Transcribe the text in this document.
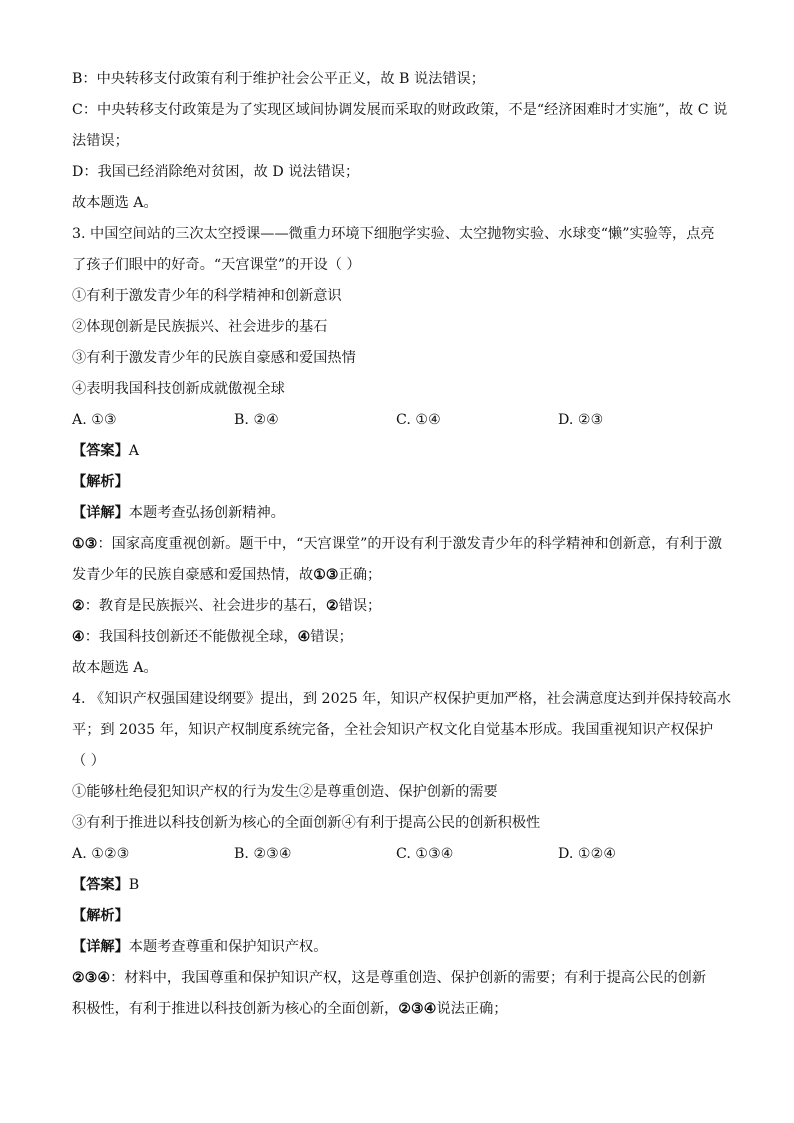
B：中央转移支付政策有利于维护社会公平正义，故 B 说法错误；

C：中央转移支付政策是为了实现区域间协调发展而采取的财政政策，不是“经济困难时才实施”，故 C 说

法错误；

D：我国已经消除绝对贫困，故 D 说法错误；

故本题选 A。

3. 中国空间站的三次太空授课——微重力环境下细胞学实验、太空抛物实验、水球变“懒”实验等，点亮

了孩子们眼中的好奇。“天宫课堂”的开设（ ）

①有利于激发青少年的科学精神和创新意识

②体现创新是民族振兴、社会进步的基石

③有利于激发青少年的民族自豪感和爱国热情

④表明我国科技创新成就傲视全球

A. ①③	B. ②④	C. ①④	D. ②③

【答案】A

【解析】

【详解】本题考查弘扬创新精神。

①③：国家高度重视创新。题干中，“天宫课堂”的开设有利于激发青少年的科学精神和创新意，有利于激

发青少年的民族自豪感和爱国热情，故①③正确；

②：教育是民族振兴、社会进步的基石，②错误；

④：我国科技创新还不能傲视全球，④错误；

故本题选 A。

4. 《知识产权强国建设纲要》提出，到 2025 年，知识产权保护更加严格，社会满意度达到并保持较高水

平；到 2035 年，知识产权制度系统完备，全社会知识产权文化自觉基本形成。我国重视知识产权保护

（ ）

①能够杜绝侵犯知识产权的行为发生②是尊重创造、保护创新的需要

③有利于推进以科技创新为核心的全面创新④有利于提高公民的创新积极性

A. ①②③	B. ②③④	C. ①③④	D. ①②④

【答案】B

【解析】

【详解】本题考查尊重和保护知识产权。

②③④：材料中，我国尊重和保护知识产权，这是尊重创造、保护创新的需要；有利于提高公民的创新

积极性，有利于推进以科技创新为核心的全面创新，②③④说法正确；
